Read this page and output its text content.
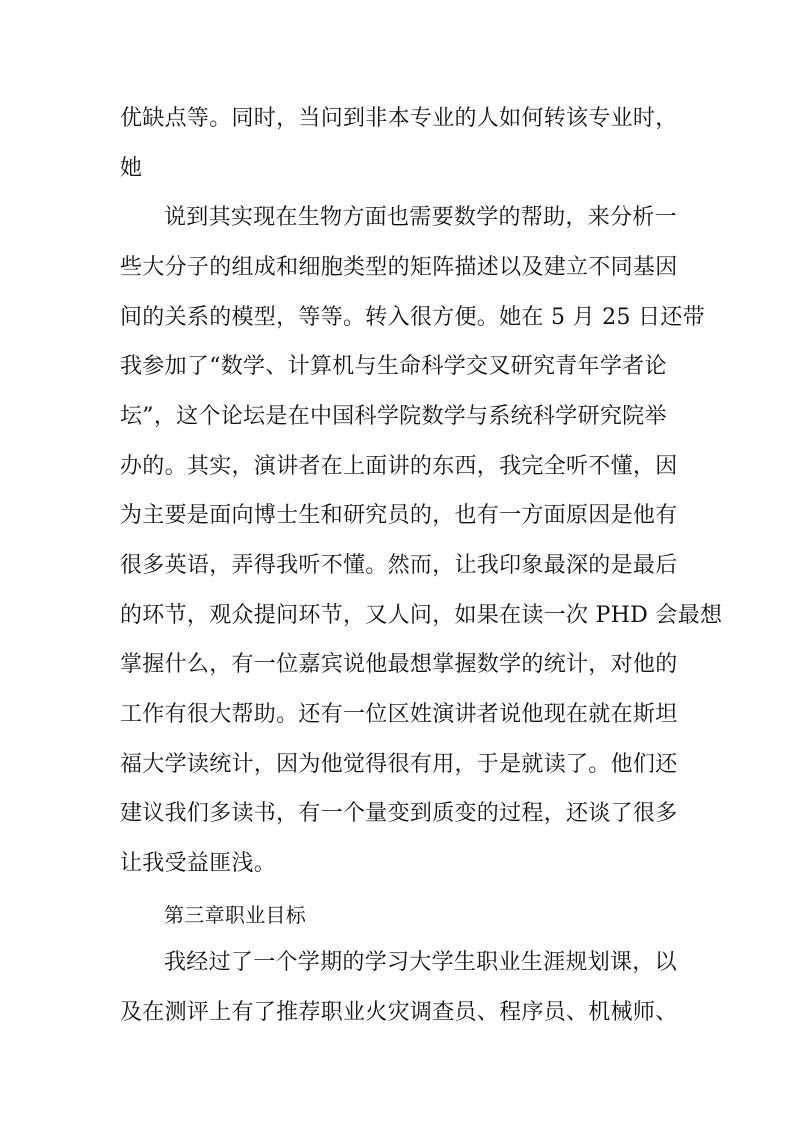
优缺点等。同时，当问到非本专业的人如何转该专业时，
她
说到其实现在生物方面也需要数学的帮助，来分析一
些大分子的组成和细胞类型的矩阵描述以及建立不同基因
间的关系的模型，等等。转入很方便。她在 5 月 25 日还带
我参加了“数学、计算机与生命科学交叉研究青年学者论
坛”，这个论坛是在中国科学院数学与系统科学研究院举
办的。其实，演讲者在上面讲的东西，我完全听不懂，因
为主要是面向博士生和研究员的，也有一方面原因是他有
很多英语，弄得我听不懂。然而，让我印象最深的是最后
的环节，观众提问环节，又人问，如果在读一次 PHD 会最想
掌握什么，有一位嘉宾说他最想掌握数学的统计，对他的
工作有很大帮助。还有一位区姓演讲者说他现在就在斯坦
福大学读统计，因为他觉得很有用，于是就读了。他们还
建议我们多读书，有一个量变到质变的过程，还谈了很多
让我受益匪浅。
第三章职业目标
我经过了一个学期的学习大学生职业生涯规划课，以
及在测评上有了推荐职业火灾调查员、程序员、机械师、
